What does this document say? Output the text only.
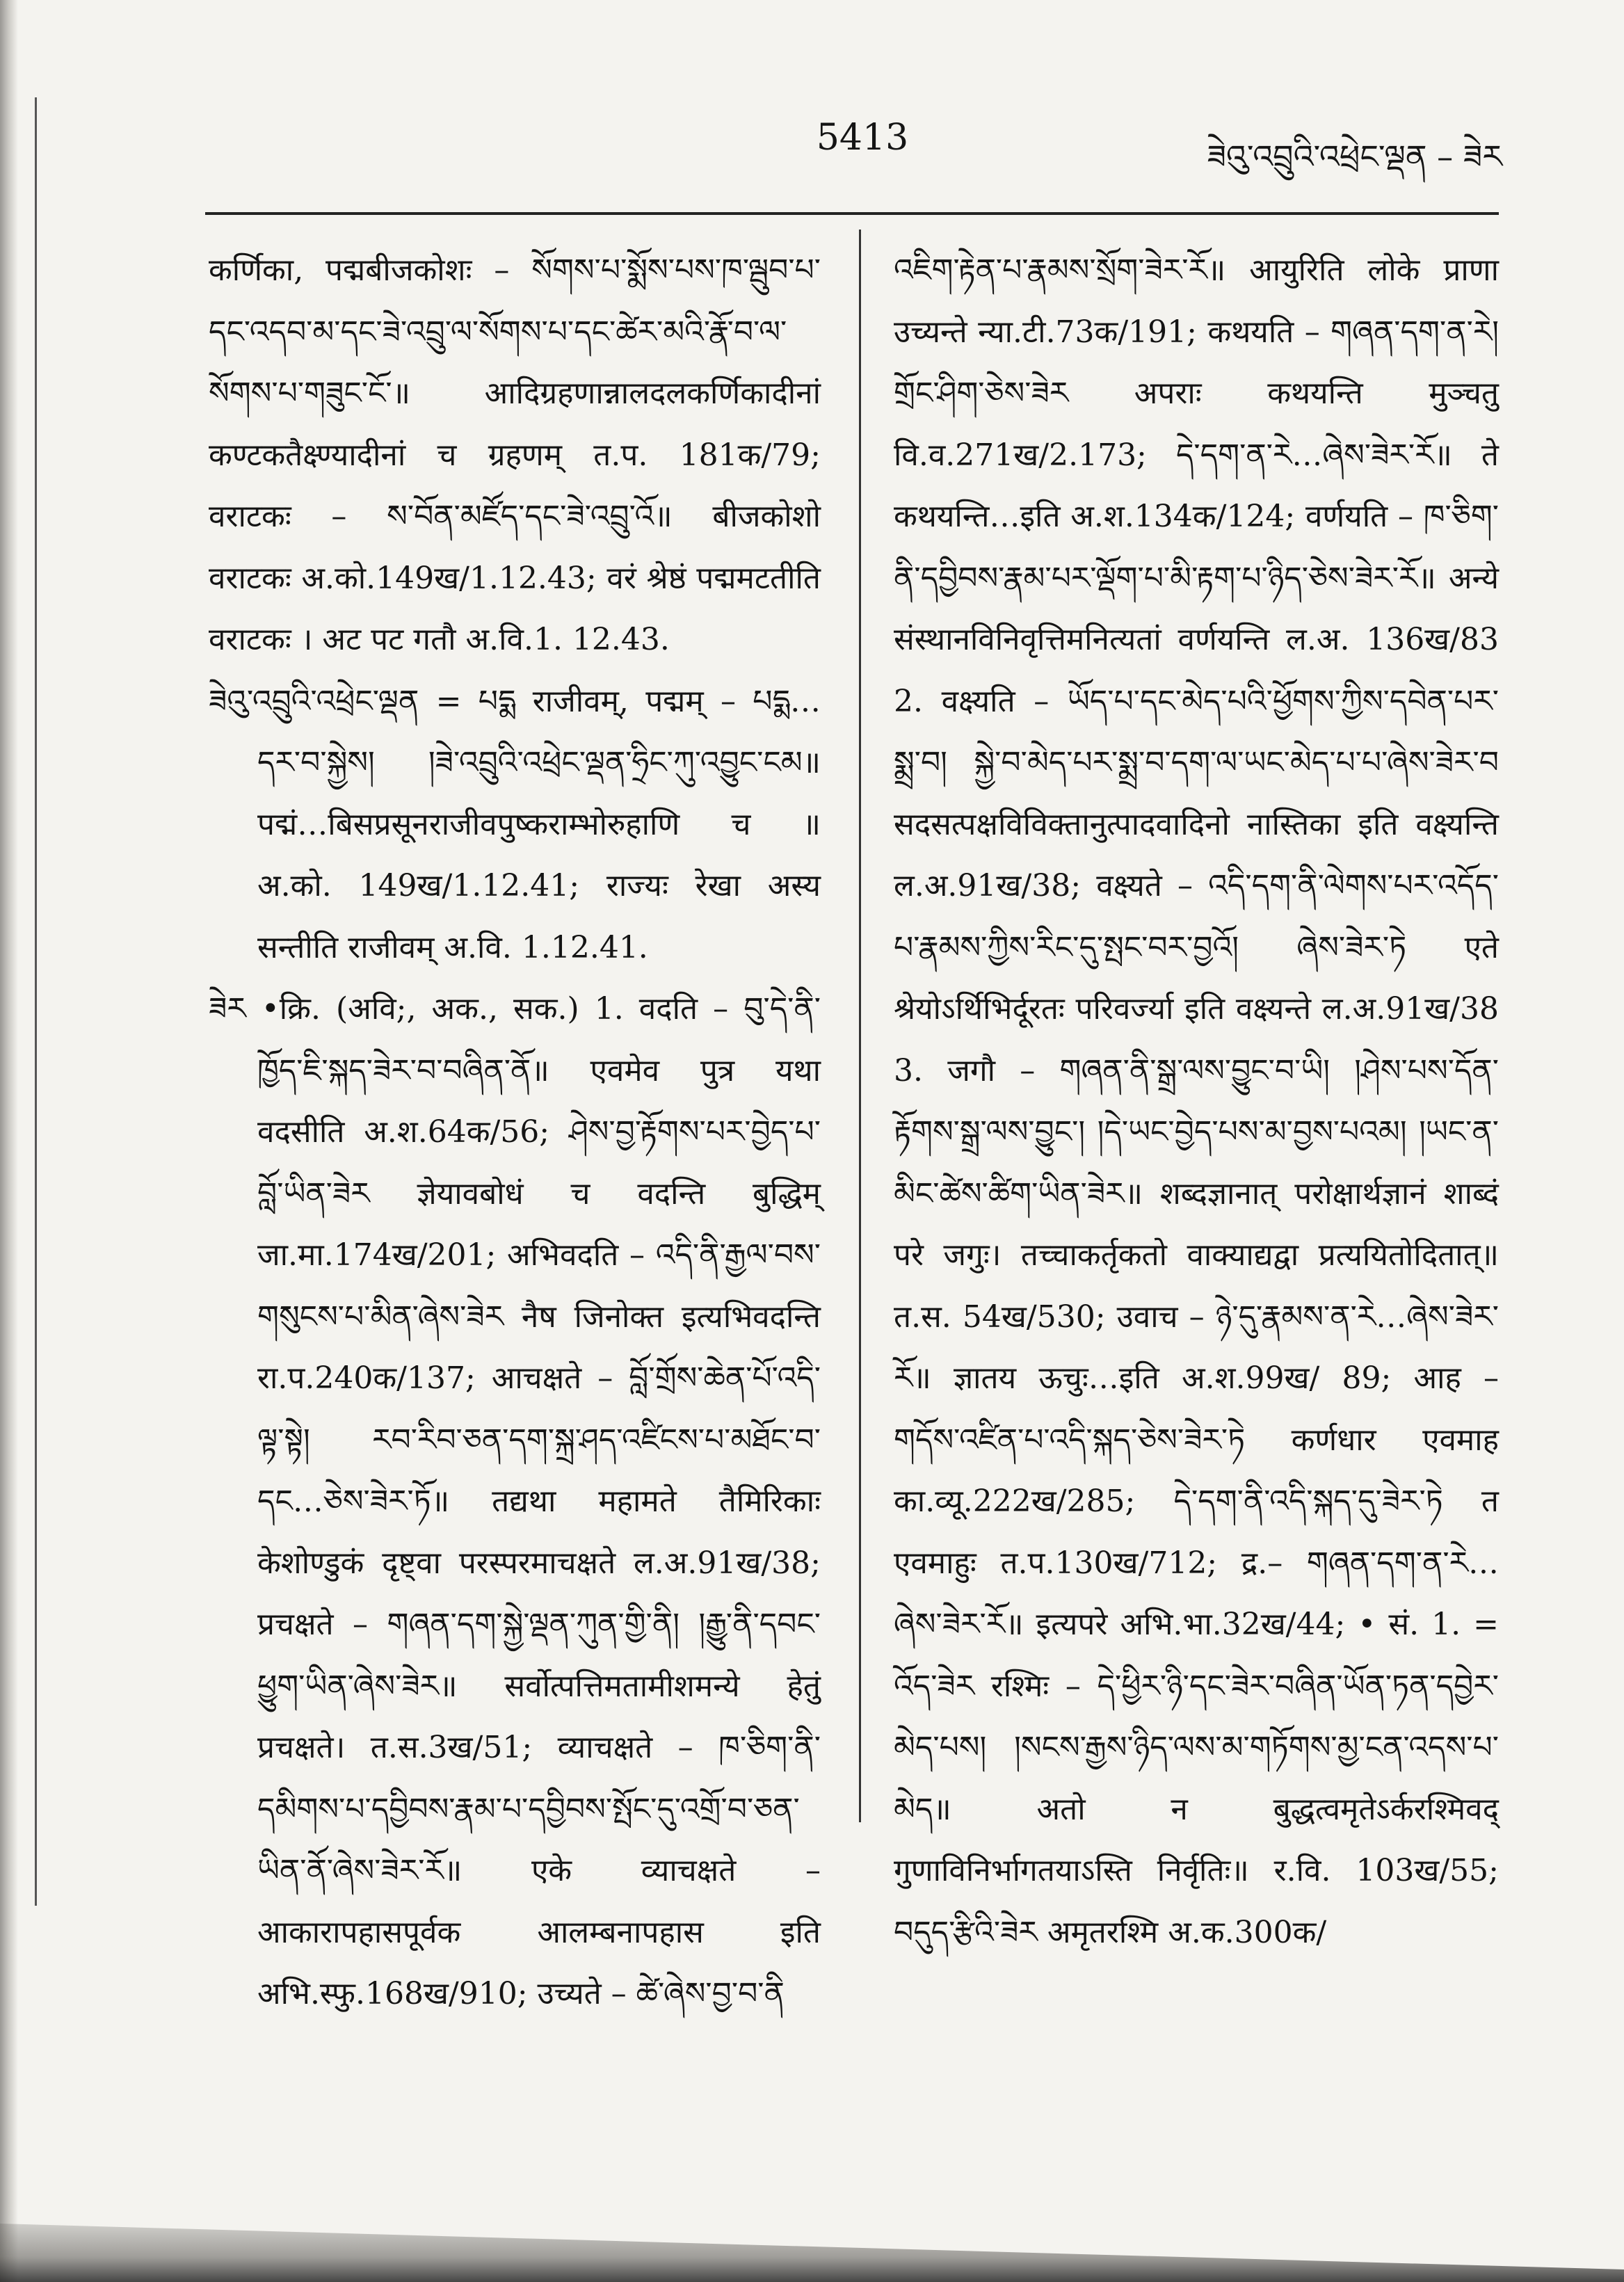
5413	ཟེའུ་འབྲུའི་འཕྲེང་ལྡན – ཟེར

कर्णिका, पद्मबीजकोशः – སོགས་པ་སྨོས་པས་ཁ་ལྦུབ་པ་དང་འདབ་མ་དང་ཟེ་འབྲུ་ལ་སོགས་པ་དང་ཚེར་མའི་རྣོ་བ་ལ་སོགས་པ་གཟུང་ངོ་॥ आदिग्रहणान्नालदलकर्णिकादीनां कण्टकतैक्ष्ण्यादीनां च ग्रहणम् त.प. 181क/79; वराटकः – ས་བོན་མཛོད་དང་ཟེ་འབྲུ་འོ॥ बीजकोशो वराटकः अ.को.149ख/1.12.43; वरं श्रेष्ठं पद्ममटतीति वराटकः । अट पट गतौ अ.वि.1. 12.43.

ཟེའུ་འབྲུའི་འཕྲེང་ལྡན = པདྨ राजीवम्, पद्मम् – པདྨ…དར་བ་སྐྱེས། །ཟེ་འབྲུའི་འཕྲེང་ལྡན་ཧྲིང་ཀུ་འབྱུང་ངམ॥ पद्मं…बिसप्रसूनराजीवपुष्कराम्भोरुहाणि च ॥ अ.को. 149ख/1.12.41; राज्यः रेखा अस्य सन्तीति राजीवम् अ.वि. 1.12.41.

ཟེར •क्रि. (अवि;, अक., सक.) 1. वदति – བུ་དེ་ནི་ཁྱོད་ཇི་སྐད་ཟེར་བ་བཞིན་ནོ॥ एवमेव पुत्र यथा वदसीति अ.श.64क/56; ཤེས་བྱ་རྟོགས་པར་བྱེད་པ་བློ་ཡིན་ཟེར ज्ञेयावबोधं च वदन्ति बुद्धिम् जा.मा.174ख/201; अभिवदति – འདི་ནི་རྒྱལ་བས་གསུངས་པ་མིན་ཞེས་ཟེར नैष जिनोक्त इत्यभिवदन्ति रा.प.240क/137; आचक्षते – བློ་གྲོས་ཆེན་པོ་འདི་ལྟ་སྟེ། རབ་རིབ་ཅན་དག་སྐྲ་ཤད་འཛིངས་པ་མཐོང་བ་དང…ཅེས་ཟེར་ཏོ॥ तद्यथा महामते तैमिरिकाः केशोण्डुकं दृष्ट्वा परस्परमाचक्षते ल.अ.91ख/38; प्रचक्षते – གཞན་དག་སྐྱེ་ལྡན་ཀུན་གྱི་ནི། །རྒྱུ་ནི་དབང་ཕྱུག་ཡིན་ཞེས་ཟེར॥ सर्वोत्पत्तिमतामीशमन्ये हेतुं प्रचक्षते। त.स.3ख/51; व्याचक्षते – ཁ་ཅིག་ནི་དམིགས་པ་དབྱིབས་རྣམ་པ་དབྱིབས་སྤོང་དུ་འགྲོ་བ་ཅན་ཡིན་ནོ་ཞེས་ཟེར་རོ॥ एके व्याचक्षते – आकारापहासपूर्वक आलम्बनापहास इति अभि.स्फु.168ख/910; उच्यते – ཚེ་ཞེས་བྱ་བ་ནི

འཇིག་རྟེན་པ་རྣམས་སྲོག་ཟེར་རོ॥ आयुरिति लोके प्राणा उच्यन्ते न्या.टी.73क/191; कथयति – གཞན་དག་ན་རེ། གྲོང་ཤིག་ཅེས་ཟེར अपराः कथयन्ति मुञ्चतु वि.व.271ख/2.173; དེ་དག་ན་རེ…ཞེས་ཟེར་རོ॥ ते कथयन्ति…इति अ.श.134क/124; वर्णयति – ཁ་ཅིག་ནི་དབྱིབས་རྣམ་པར་ལྡོག་པ་མི་རྟག་པ་ཉིད་ཅེས་ཟེར་རོ॥ अन्ये संस्थानविनिवृत्तिमनित्यतां वर्णयन्ति ल.अ. 136ख/83 2. वक्ष्यति – ཡོད་པ་དང་མེད་པའི་ཕྱོགས་ཀྱིས་དབེན་པར་སྨྲ་བ། སྐྱེ་བ་མེད་པར་སྨྲ་བ་དག་ལ་ཡང་མེད་པ་པ་ཞེས་ཟེར་བ सदसत्पक्षविविक्तानुत्पादवादिनो नास्तिका इति वक्ष्यन्ति ल.अ.91ख/38; वक्ष्यते – འདི་དག་ནི་ལེགས་པར་འདོད་པ་རྣམས་ཀྱིས་རིང་དུ་སྤང་བར་བྱའོ། ཞེས་ཟེར་ཏེ एते श्रेयोऽर्थिभिर्दूरतः परिवर्ज्या इति वक्ष्यन्ते ल.अ.91ख/38 3. जगौ – གཞན་ནི་སྒྲ་ལས་བྱུང་བ་ཡི། །ཤེས་པས་དོན་རྟོགས་སྒྲ་ལས་བྱུང་། །དེ་ཡང་བྱེད་པས་མ་བྱས་པའམ། །ཡང་ན་མིང་ཚེས་ཚིག་ཡིན་ཟེར॥ शब्दज्ञानात् परोक्षार्थज्ञानं शाब्दं परे जगुः। तच्चाकर्तृकतो वाक्याद्यद्वा प्रत्ययितोदितात्॥ त.स. 54ख/530; उवाच – ཉེ་དུ་རྣམས་ན་རེ…ཞེས་ཟེར་རོ॥ ज्ञातय ऊचुः…इति अ.श.99ख/ 89; आह – གདོས་འཛིན་པ་འདི་སྐད་ཅེས་ཟེར་ཏེ कर्णधार एवमाह का.व्यू.222ख/285; དེ་དག་ནི་འདི་སྐད་དུ་ཟེར་ཏེ त एवमाहुः त.प.130ख/712; द्र.– གཞན་དག་ན་རེ…ཞེས་ཟེར་རོ॥ इत्यपरे अभि.भा.32ख/44; • सं. 1. = འོད་ཟེར रश्मिः – དེ་ཕྱིར་ཉི་དང་ཟེར་བཞིན་ཡོན་ཏན་དབྱེར་མེད་པས། །སངས་རྒྱས་ཉིད་ལས་མ་གཏོགས་མྱ་ངན་འདས་པ་མེད॥ अतो न बुद्धत्वमृतेऽर्करश्मिवद् गुणाविनिर्भागतयाऽस्ति निर्वृतिः॥ र.वि. 103ख/55; བདུད་རྩིའི་ཟེར अमृतरश्मि अ.क.300क/
